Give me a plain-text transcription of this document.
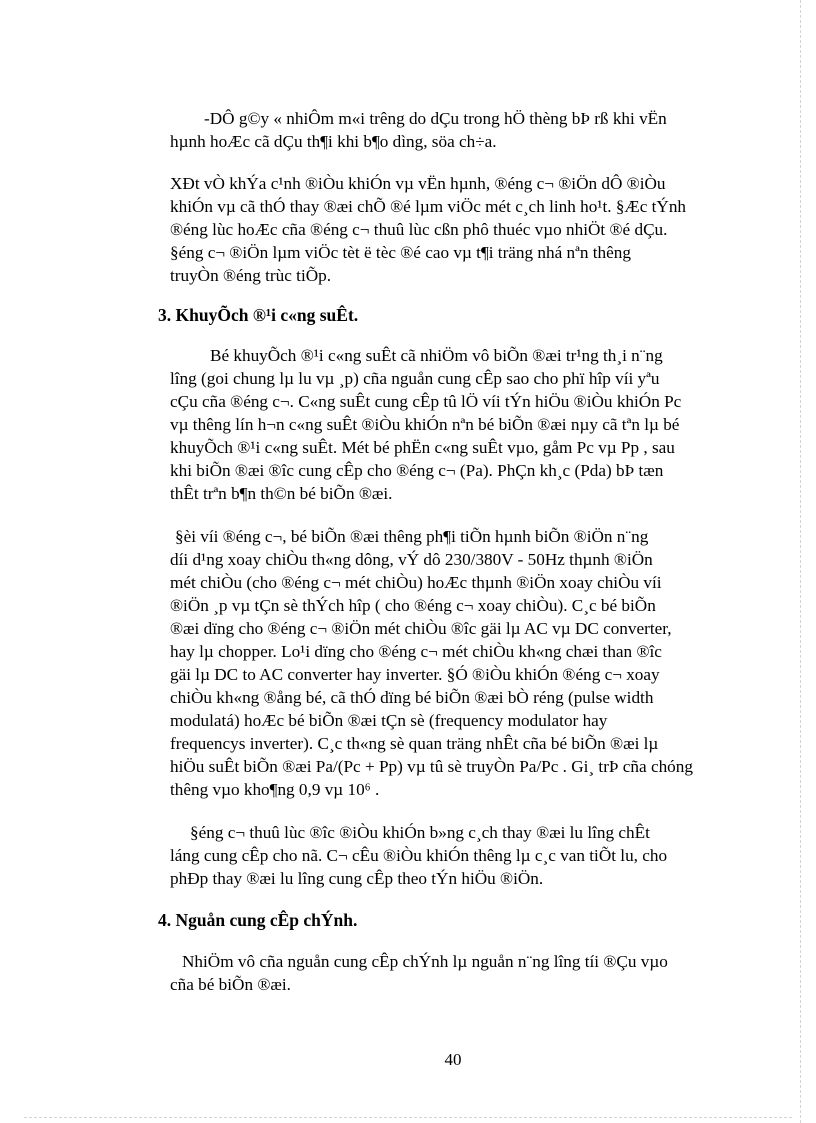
-DÔ g©y « nhiÔm m«i trêng do dÇu trong hÖ thèng bÞ rß khi vËn
hµnh hoÆc cã dÇu th¶i khi b¶o dìng, söa ch÷a.
XÐt vÒ khÝa c¹nh ®iÒu khiÓn vµ vËn hµnh, ®éng c¬ ®iÖn dÔ ®iÒu
khiÓn vµ cã thÓ thay ®æi chÕ ®é lµm viÖc mét c¸ch linh ho¹t. §Æc tÝnh
®éng lùc hoÆc cña ®éng c¬ thuû lùc cßn phô thuéc vµo nhiÖt ®é dÇu.
§éng c¬ ®iÖn lµm viÖc tèt ë tèc ®é cao vµ t¶i träng nhá nªn thêng
truyÒn ®éng trùc tiÕp.
3. KhuyÕch ®¹i c«ng suÊt.
Bé khuyÕch ®¹i c«ng suÊt cã nhiÖm vô biÕn ®æi tr¹ng th¸i n¨ng
lîng (goi chung lµ lu vµ ¸p) cña nguån cung cÊp sao cho phï hîp víi yªu
cÇu cña ®éng c¬. C«ng suÊt cung cÊp tû lÖ víi tÝn hiÖu ®iÒu khiÓn Pc
vµ thêng lín h¬n c«ng suÊt ®iÒu khiÓn nªn bé biÕn ®æi nµy cã tªn lµ bé
khuyÕch ®¹i c«ng suÊt. Mét bé phËn c«ng suÊt vµo, gåm Pc vµ Pp , sau
khi biÕn ®æi ®îc cung cÊp cho ®éng c¬ (Pa). PhÇn kh¸c (Pda) bÞ tæn
thÊt trªn b¶n th©n bé biÕn ®æi.
§èi víi ®éng c¬, bé biÕn ®æi thêng ph¶i tiÕn hµnh biÕn ®iÖn n¨ng
díi d¹ng xoay chiÒu th«ng dông, vÝ dô 230/380V - 50Hz thµnh ®iÖn
mét chiÒu (cho ®éng c¬ mét chiÒu) hoÆc thµnh ®iÖn xoay chiÒu víi
®iÖn ¸p vµ tÇn sè thÝch hîp ( cho ®éng c¬ xoay chiÒu). C¸c bé biÕn
®æi dïng cho ®éng c¬ ®iÖn mét chiÒu ®îc gäi lµ AC vµ DC converter,
hay lµ chopper. Lo¹i dïng cho ®éng c¬ mét chiÒu kh«ng chæi than ®îc
gäi lµ DC to AC converter hay inverter. §Ó ®iÒu khiÓn ®éng c¬ xoay
chiÒu kh«ng ®ång bé, cã thÓ dïng bé biÕn ®æi bÒ réng (pulse width
modulatá) hoÆc bé biÕn ®æi tÇn sè (frequency modulator hay
frequencys inverter). C¸c th«ng sè quan träng nhÊt cña bé biÕn ®æi lµ
hiÖu suÊt biÕn ®æi Pa/(Pc + Pp) vµ tû sè truyÒn Pa/Pc . Gi¸ trÞ cña chóng
thêng vµo kho¶ng 0,9 vµ 10⁶ .
§éng c¬ thuû lùc ®îc ®iÒu khiÓn b»ng c¸ch thay ®æi lu lîng chÊt
láng cung cÊp cho nã. C¬ cÊu ®iÒu khiÓn thêng lµ c¸c van tiÕt lu, cho
phÐp thay ®æi lu lîng cung cÊp theo tÝn hiÖu ®iÖn.
4. Nguån cung cÊp chÝnh.
NhiÖm vô cña nguån cung cÊp chÝnh lµ nguån n¨ng lîng tíi ®Çu vµo
cña bé biÕn ®æi.
40
